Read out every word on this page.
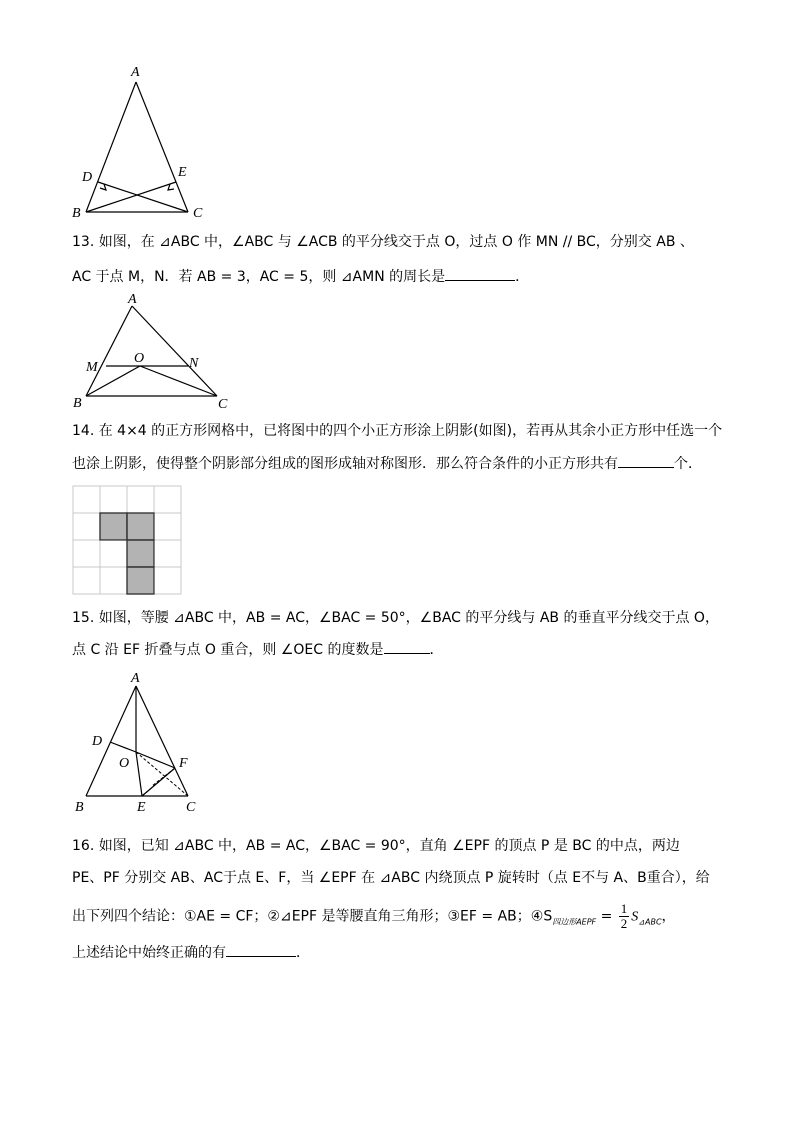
A
D	E
B	C
13. 如图，在 ⊿ABC 中，∠ABC 与 ∠ACB 的平分线交于点 O，过点 O 作 MN // BC，分别交 AB 、
AC 于点 M，N．若 AB = 3，AC = 5，则 ⊿AMN 的周长是	．
A
M
O	N
B	C
14. 在 4×4 的正方形网格中，已将图中的四个小正方形涂上阴影(如图)，若再从其余小正方形中任选一个
也涂上阴影，使得整个阴影部分组成的图形成轴对称图形．那么符合条件的小正方形共有	个．
15. 如图，等腰 ⊿ABC 中，AB = AC，∠BAC = 50°，∠BAC 的平分线与 AB 的垂直平分线交于点 O，
点 C 沿 EF 折叠与点 O 重合，则 ∠OEC 的度数是	．
A
D
O	F
B	E	C
16. 如图，已知 ⊿ABC 中，AB = AC，∠BAC = 90°，直角 ∠EPF 的顶点 P 是 BC 的中点，两边
PE、PF 分别交 AB、AC于点 E、F，当 ∠EPF 在 ⊿ABC 内绕顶点 P 旋转时（点 E不与 A、B重合），给
出下列四个结论：①AE = CF；②⊿EPF 是等腰直角三角形；③EF = AB；$④S_{四边形AEPF} = \frac{1}{2} S_{⊿ABC}$，
上述结论中始终正确的有	．
